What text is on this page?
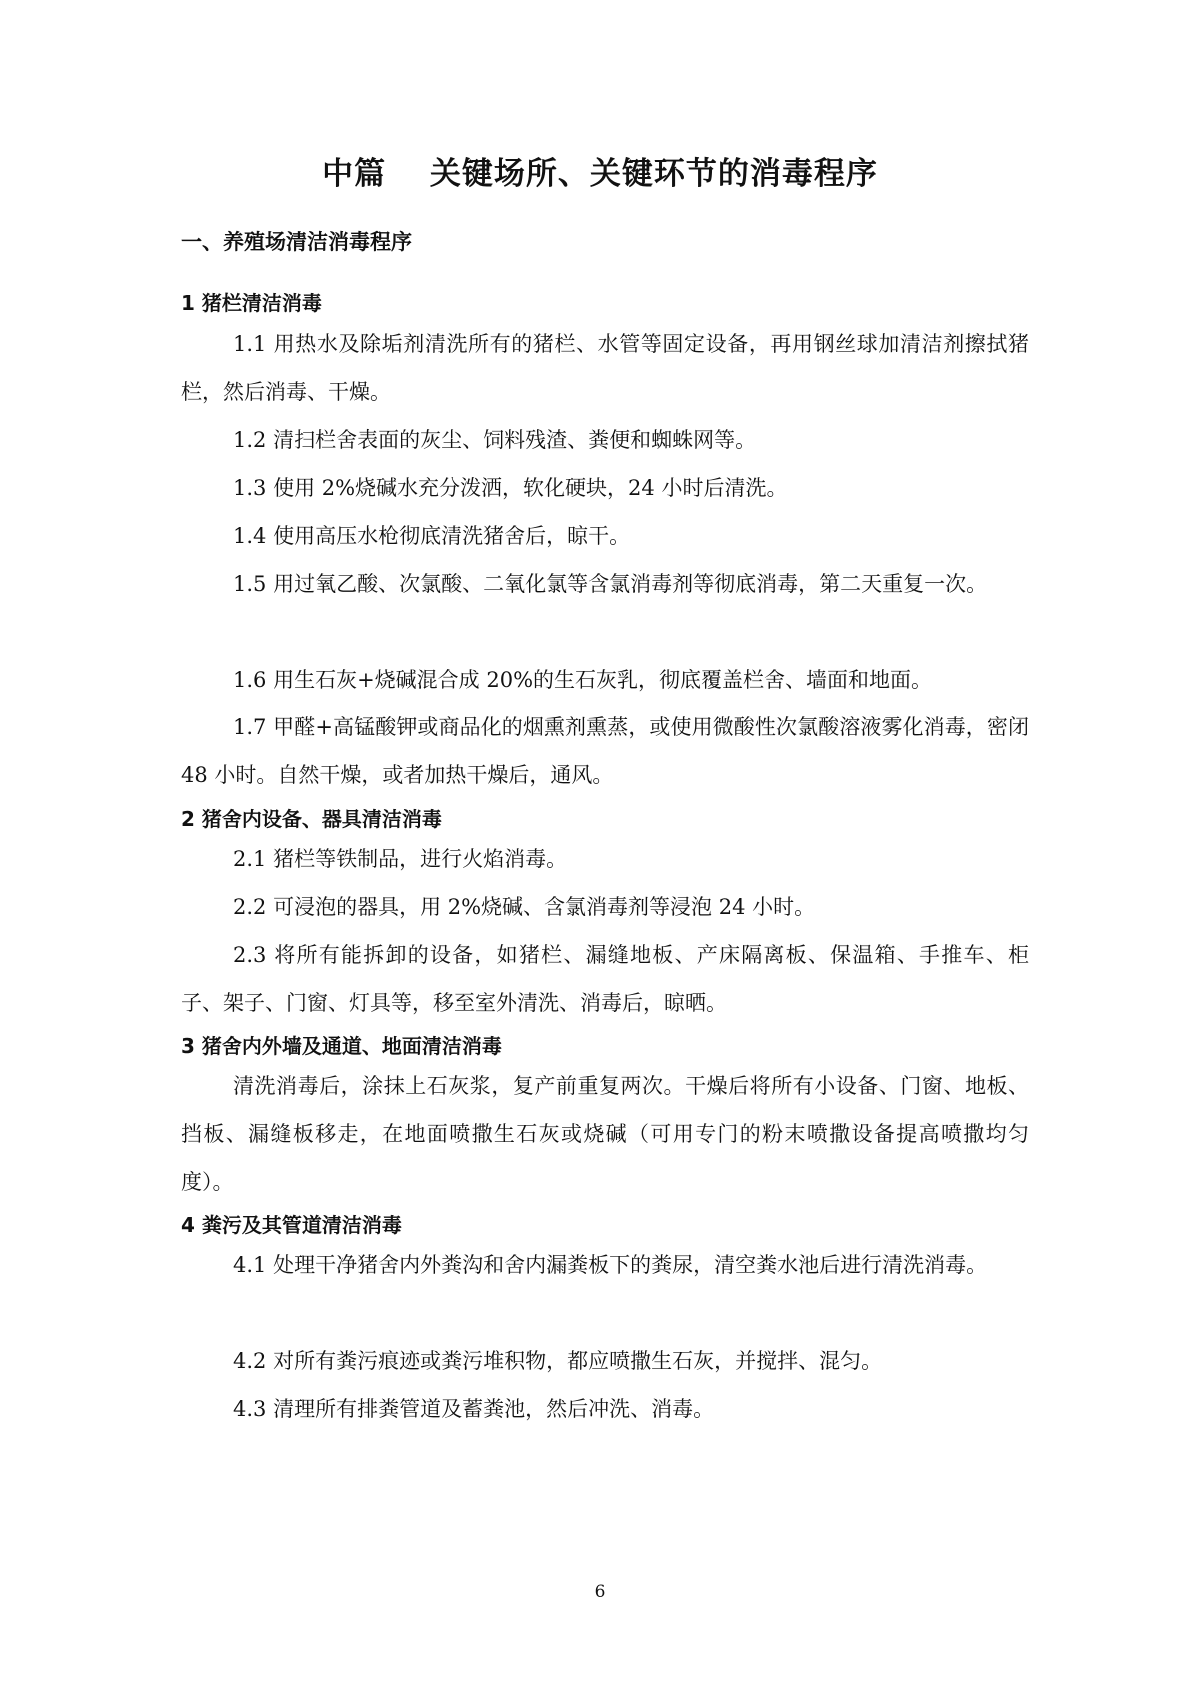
中篇　 关键场所、关键环节的消毒程序
一、养殖场清洁消毒程序
1 猪栏清洁消毒
1.1 用热水及除垢剂清洗所有的猪栏、水管等固定设备，再用钢丝球加清洁剂擦拭猪栏，然后消毒、干燥。
1.2 清扫栏舍表面的灰尘、饲料残渣、粪便和蜘蛛网等。
1.3 使用 2%烧碱水充分泼洒，软化硬块，24 小时后清洗。
1.4 使用高压水枪彻底清洗猪舍后，晾干。
1.5 用过氧乙酸、次氯酸、二氧化氯等含氯消毒剂等彻底消毒，第二天重复一次。
1.6 用生石灰+烧碱混合成 20%的生石灰乳，彻底覆盖栏舍、墙面和地面。
1.7 甲醛+高锰酸钾或商品化的烟熏剂熏蒸，或使用微酸性次氯酸溶液雾化消毒，密闭 48 小时。自然干燥，或者加热干燥后，通风。
2 猪舍内设备、器具清洁消毒
2.1 猪栏等铁制品，进行火焰消毒。
2.2 可浸泡的器具，用 2%烧碱、含氯消毒剂等浸泡 24 小时。
2.3 将所有能拆卸的设备，如猪栏、漏缝地板、产床隔离板、保温箱、手推车、柜子、架子、门窗、灯具等，移至室外清洗、消毒后，晾晒。
3 猪舍内外墙及通道、地面清洁消毒
清洗消毒后，涂抹上石灰浆，复产前重复两次。干燥后将所有小设备、门窗、地板、挡板、漏缝板移走，在地面喷撒生石灰或烧碱（可用专门的粉末喷撒设备提高喷撒均匀度）。
4 粪污及其管道清洁消毒
4.1 处理干净猪舍内外粪沟和舍内漏粪板下的粪尿，清空粪水池后进行清洗消毒。
4.2 对所有粪污痕迹或粪污堆积物，都应喷撒生石灰，并搅拌、混匀。
4.3 清理所有排粪管道及蓄粪池，然后冲洗、消毒。
6
